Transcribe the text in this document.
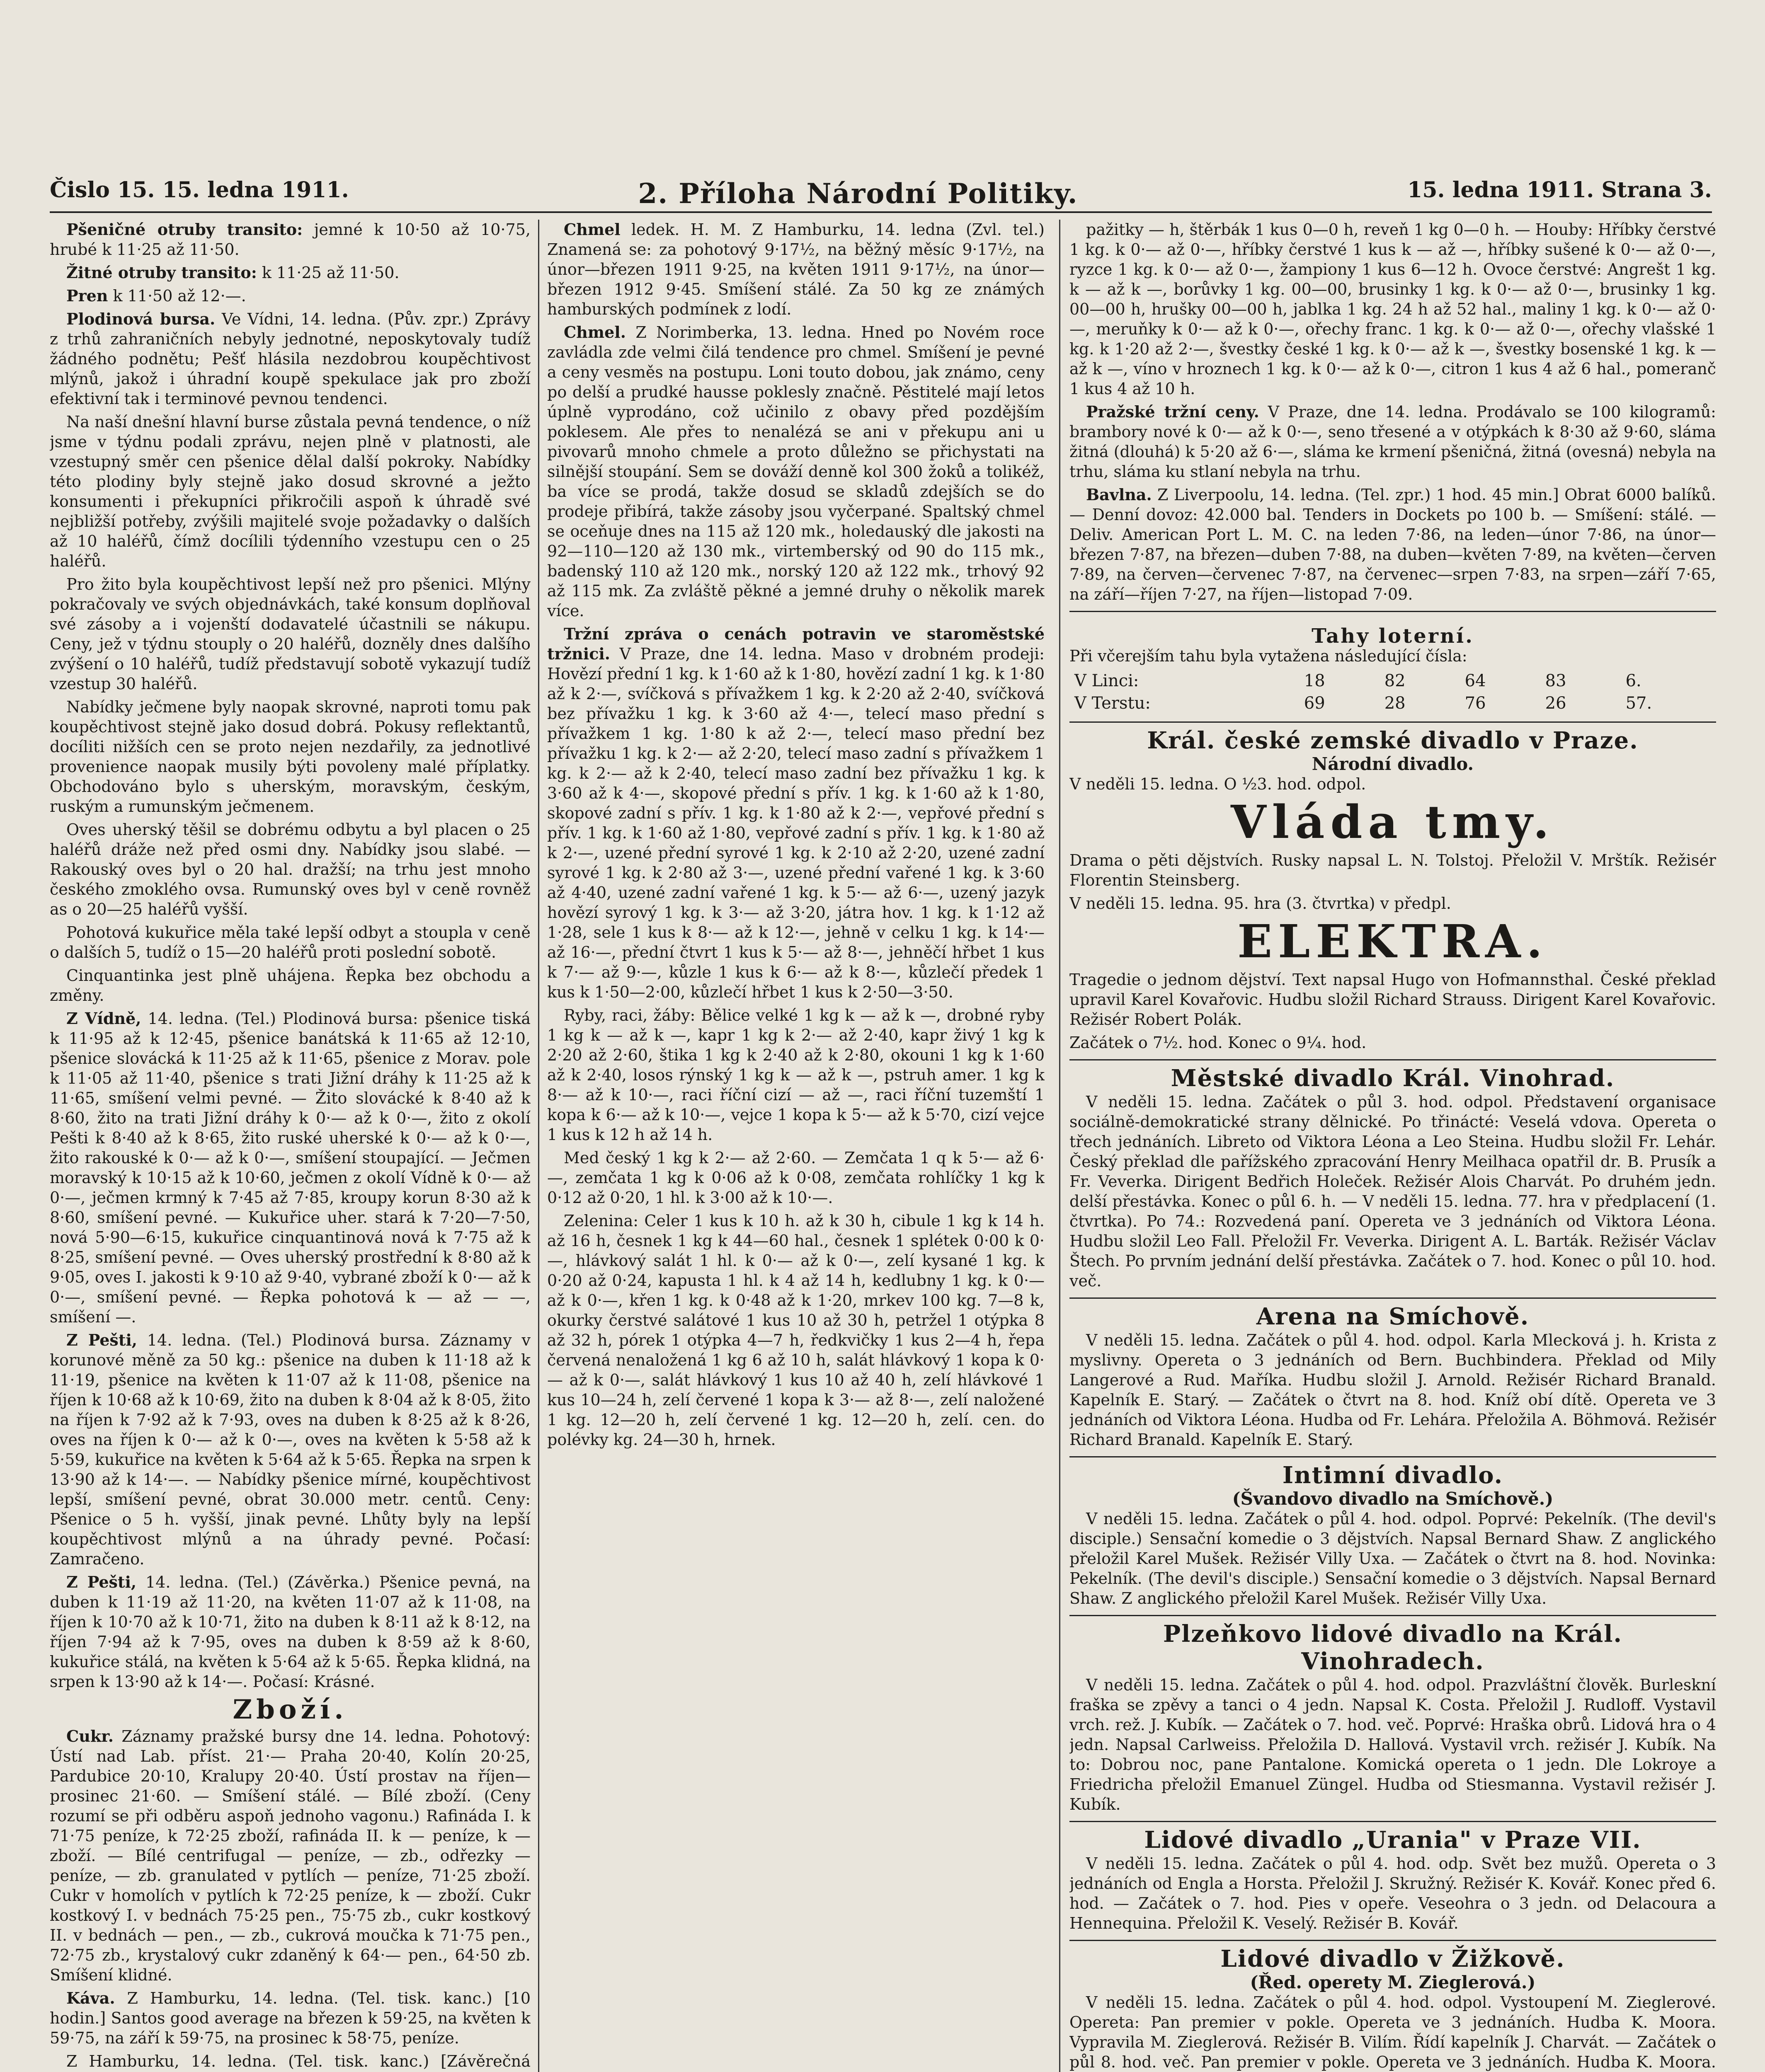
Čislo 15. 15. ledna 1911.	2. Příloha Národní Politiky.	15. ledna 1911. Strana 3.

Pšeničné otruby transito: jemné k 10·50 až 10·75, hrubé k 11·25 až 11·50.

Žitné otruby transito: k 11·25 až 11·50.

Pren k 11·50 až 12·—.

Plodinová bursa. Ve Vídni, 14. ledna. (Pův. zpr.) Zprávy z trhů zahraničních nebyly jednotné, neposkytovaly tudíž žádného podnětu; Pešť hlásila nezdobrou koupěchtivost mlýnů, jakož i úhradní koupě spekulace jak pro zboží efektivní tak i terminové pevnou tendenci.

Na naší dnešní hlavní burse zůstala pevná tendence, o níž jsme v týdnu podali zprávu, nejen plně v platnosti, ale vzestupný směr cen pšenice dělal další pokroky. Nabídky této plodiny byly stejně jako dosud skrovné a ježto konsumenti i překupníci přikročili aspoň k úhradě své nejbližší potřeby, zvýšili majitelé svoje požadavky o dalších až 10 haléřů, čímž docílili týdenního vzestupu cen o 25 haléřů.

Pro žito byla koupěchtivost lepší než pro pšenici. Mlýny pokračovaly ve svých objednávkách, také konsum doplňoval své zásoby a i vojenští dodavatelé účastnili se nákupu. Ceny, jež v týdnu stouply o 20 haléřů, dozněly dnes dalšího zvýšení o 10 haléřů, tudíž představují sobotě vykazují tudíž vzestup 30 haléřů.

Nabídky ječmene byly naopak skrovné, naproti tomu pak koupěchtivost stejně jako dosud dobrá. Pokusy reflektantů, docíliti nižších cen se proto nejen nezdařily, za jednotlivé provenience naopak musily býti povoleny malé příplatky. Obchodováno bylo s uherským, moravským, českým, ruským a rumunským ječmenem.

Oves uherský těšil se dobrému odbytu a byl placen o 25 haléřů dráže než před osmi dny. Nabídky jsou slabé. — Rakouský oves byl o 20 hal. dražší; na trhu jest mnoho českého zmoklého ovsa. Rumunský oves byl v ceně rovněž as o 20—25 haléřů vyšší.

Pohotová kukuřice měla také lepší odbyt a stoupla v ceně o dalších 5, tudíž o 15—20 haléřů proti poslední sobotě.

Cinquantinka jest plně uhájena. Řepka bez obchodu a změny.

Z Vídně, 14. ledna. (Tel.) Plodinová bursa: pšenice tiská k 11·95 až k 12·45, pšenice banátská k 11·65 až 12·10, pšenice slovácká k 11·25 až k 11·65, pšenice z Morav. pole k 11·05 až 11·40, pšenice s trati Jižní dráhy k 11·25 až k 11·65, smíšení velmi pevné. — Žito slovácké k 8·40 až k 8·60, žito na trati Jižní dráhy k 0·— až k 0·—, žito z okolí Pešti k 8·40 až k 8·65, žito ruské uherské k 0·— až k 0·—, žito rakouské k 0·— až k 0·—, smíšení stoupající. — Ječmen moravský k 10·15 až k 10·60, ječmen z okolí Vídně k 0·— až 0·—, ječmen krmný k 7·45 až 7·85, kroupy korun 8·30 až k 8·60, smíšení pevné. — Kukuřice uher. stará k 7·20—7·50, nová 5·90—6·15, kukuřice cinquantinová nová k 7·75 až k 8·25, smíšení pevné. — Oves uherský prostřední k 8·80 až k 9·05, oves I. jakosti k 9·10 až 9·40, vybrané zboží k 0·— až k 0·—, smíšení pevné. — Řepka pohotová k — až — —, smíšení —.

Z Pešti, 14. ledna. (Tel.) Plodinová bursa. Záznamy v korunové měně za 50 kg.: pšenice na duben k 11·18 až k 11·19, pšenice na květen k 11·07 až k 11·08, pšenice na říjen k 10·68 až k 10·69, žito na duben k 8·04 až k 8·05, žito na říjen k 7·92 až k 7·93, oves na duben k 8·25 až k 8·26, oves na říjen k 0·— až k 0·—, oves na květen k 5·58 až k 5·59, kukuřice na květen k 5·64 až k 5·65. Řepka na srpen k 13·90 až k 14·—. — Nabídky pšenice mírné, koupěchtivost lepší, smíšení pevné, obrat 30.000 metr. centů. Ceny: Pšenice o 5 h. vyšší, jinak pevné. Lhůty byly na lepší koupěchtivost mlýnů a na úhrady pevné. Počasí: Zamračeno.

Z Pešti, 14. ledna. (Tel.) (Závěrka.) Pšenice pevná, na duben k 11·19 až 11·20, na květen 11·07 až k 11·08, na říjen k 10·70 až k 10·71, žito na duben k 8·11 až k 8·12, na říjen 7·94 až k 7·95, oves na duben k 8·59 až k 8·60, kukuřice stálá, na květen k 5·64 až k 5·65. Řepka klidná, na srpen k 13·90 až k 14·—. Počasí: Krásné.

Zboží.

Cukr. Záznamy pražské bursy dne 14. ledna. Pohotový: Ústí nad Lab. příst. 21·— Praha 20·40, Kolín 20·25, Pardubice 20·10, Kralupy 20·40. Ústí prostav na říjen—prosinec 21·60. — Smíšení stálé. — Bílé zboží. (Ceny rozumí se při odběru aspoň jednoho vagonu.) Rafináda I. k 71·75 peníze, k 72·25 zboží, rafináda II. k — peníze, k — zboží. — Bílé centrifugal — peníze, — zb., odřezky — peníze, — zb. granulated v pytlích — peníze, 71·25 zboží. Cukr v homolích v pytlích k 72·25 peníze, k — zboží. Cukr kostkový I. v bednách 75·25 pen., 75·75 zb., cukr kostkový II. v bednách — pen., — zb., cukrová moučka k 71·75 pen., 72·75 zb., krystalový cukr zdaněný k 64·— pen., 64·50 zb. Smíšení klidné.

Káva. Z Hamburku, 14. ledna. (Tel. tisk. kanc.) [10 hodin.] Santos good average na březen k 59·25, na květen k 59·75, na září k 59·75, na prosinec k 58·75, peníze.

Z Hamburku, 14. ledna. (Tel. tisk. kanc.) [Závěrečná

Chmel ledek. H. M. Z Hamburku, 14. ledna (Zvl. tel.) Znamená se: za pohotový 9·17½, na běžný měsíc 9·17½, na únor—březen 1911 9·25, na květen 1911 9·17½, na únor—březen 1912 9·45. Smíšení stálé. Za 50 kg ze známých hamburských podmínek z lodí.

Chmel. Z Norimberka, 13. ledna. Hned po Novém roce zavládla zde velmi čilá tendence pro chmel. Smíšení je pevné a ceny vesměs na postupu. Loni touto dobou, jak známo, ceny po delší a prudké hausse poklesly značně. Pěstitelé mají letos úplně vyprodáno, což učinilo z obavy před pozdějším poklesem. Ale přes to nenalézá se ani v překupu ani u pivovarů mnoho chmele a proto důležno se přichystati na silnější stoupání. Sem se dováží denně kol 300 žoků a tolikéž, ba více se prodá, takže dosud se skladů zdejších se do prodeje přibírá, takže zásoby jsou vyčerpané. Spaltský chmel se oceňuje dnes na 115 až 120 mk., holedauský dle jakosti na 92—110—120 až 130 mk., virtemberský od 90 do 115 mk., badenský 110 až 120 mk., norský 120 až 122 mk., trhový 92 až 115 mk. Za zvláště pěkné a jemné druhy o několik marek více.

Tržní zpráva o cenách potravin ve staroměstské tržnici. V Praze, dne 14. ledna. Maso v drobném prodeji: Hovězí přední 1 kg. k 1·60 až k 1·80, hovězí zadní 1 kg. k 1·80 až k 2·—, svíčková s přívažkem 1 kg. k 2·20 až 2·40, svíčková bez přívažku 1 kg. k 3·60 až 4·—, telecí maso přední s přívažkem 1 kg. 1·80 k až 2·—, telecí maso přední bez přívažku 1 kg. k 2·— až 2·20, telecí maso zadní s přívažkem 1 kg. k 2·— až k 2·40, telecí maso zadní bez přívažku 1 kg. k 3·60 až k 4·—, skopové přední s přív. 1 kg. k 1·60 až k 1·80, skopové zadní s přív. 1 kg. k 1·80 až k 2·—, vepřové přední s přív. 1 kg. k 1·60 až 1·80, vepřové zadní s přív. 1 kg. k 1·80 až k 2·—, uzené přední syrové 1 kg. k 2·10 až 2·20, uzené zadní syrové 1 kg. k 2·80 až 3·—, uzené přední vařené 1 kg. k 3·60 až 4·40, uzené zadní vařené 1 kg. k 5·— až 6·—, uzený jazyk hovězí syrový 1 kg. k 3·— až 3·20, játra hov. 1 kg. k 1·12 až 1·28, sele 1 kus k 8·— až k 12·—, jehně v celku 1 kg. k 14·— až 16·—, přední čtvrt 1 kus k 5·— až 8·—, jehněčí hřbet 1 kus k 7·— až 9·—, kůzle 1 kus k 6·— až k 8·—, kůzlečí předek 1 kus k 1·50—2·00, kůzlečí hřbet 1 kus k 2·50—3·50.

Ryby, raci, žáby: Bělice velké 1 kg k — až k —, drobné ryby 1 kg k — až k —, kapr 1 kg k 2·— až 2·40, kapr živý 1 kg k 2·20 až 2·60, štika 1 kg k 2·40 až k 2·80, okouni 1 kg k 1·60 až k 2·40, losos rýnský 1 kg k — až k —, pstruh amer. 1 kg k 8·— až k 10·—, raci říční cizí — až —, raci říční tuzemští 1 kopa k 6·— až k 10·—, vejce 1 kopa k 5·— až k 5·70, cizí vejce 1 kus k 12 h až 14 h.

Med český 1 kg k 2·— až 2·60. — Zemčata 1 q k 5·— až 6·—, zemčata 1 kg k 0·06 až k 0·08, zemčata rohlíčky 1 kg k 0·12 až 0·20, 1 hl. k 3·00 až k 10·—.

Zelenina: Celer 1 kus k 10 h. až k 30 h, cibule 1 kg k 14 h. až 16 h, česnek 1 kg k 44—60 hal., česnek 1 splétek 0·00 k 0·—, hlávkový salát 1 hl. k 0·— až k 0·—, zelí kysané 1 kg. k 0·20 až 0·24, kapusta 1 hl. k 4 až 14 h, kedlubny 1 kg. k 0·— až k 0·—, křen 1 kg. k 0·48 až k 1·20, mrkev 100 kg. 7—8 k, okurky čerstvé salátové 1 kus 10 až 30 h, petržel 1 otýpka 8 až 32 h, pórek 1 otýpka 4—7 h, ředkvičky 1 kus 2—4 h, řepa červená nenaložená 1 kg 6 až 10 h, salát hlávkový 1 kopa k 0·— až k 0·—, salát hlávkový 1 kus 10 až 40 h, zelí hlávkové 1 kus 10—24 h, zelí červené 1 kopa k 3·— až 8·—, zelí naložené 1 kg. 12—20 h, zelí červené 1 kg. 12—20 h, zelí. cen. do polévky kg. 24—30 h, hrnek.

pažitky — h, štěrbák 1 kus 0—0 h, reveň 1 kg 0—0 h. — Houby: Hříbky čerstvé 1 kg. k 0·— až 0·—, hříbky čerstvé 1 kus k — až —, hříbky sušené k 0·— až 0·—, ryzce 1 kg. k 0·— až 0·—, žampiony 1 kus 6—12 h. Ovoce čerstvé: Angrešt 1 kg. k — až k —, borůvky 1 kg. 00—00, brusinky 1 kg. k 0·— až 0·—, brusinky 1 kg. 00—00 h, hrušky 00—00 h, jablka 1 kg. 24 h až 52 hal., maliny 1 kg. k 0·— až 0·—, meruňky k 0·— až k 0·—, ořechy franc. 1 kg. k 0·— až 0·—, ořechy vlašské 1 kg. k 1·20 až 2·—, švestky české 1 kg. k 0·— až k —, švestky bosenské 1 kg. k — až k —, víno v hroznech 1 kg. k 0·— až k 0·—, citron 1 kus 4 až 6 hal., pomeranč 1 kus 4 až 10 h.

Pražské tržní ceny. V Praze, dne 14. ledna. Prodávalo se 100 kilogramů: brambory nové k 0·— až k 0·—, seno třesené a v otýpkách k 8·30 až 9·60, sláma žitná (dlouhá) k 5·20 až 6·—, sláma ke krmení pšeničná, žitná (ovesná) nebyla na trhu, sláma ku stlaní nebyla na trhu.

Bavlna. Z Liverpoolu, 14. ledna. (Tel. zpr.) 1 hod. 45 min.] Obrat 6000 balíků. — Denní dovoz: 42.000 bal. Tenders in Dockets po 100 b. — Smíšení: stálé. — Deliv. American Port L. M. C. na leden 7·86, na leden—únor 7·86, na únor—březen 7·87, na březen—duben 7·88, na duben—květen 7·89, na květen—červen 7·89, na červen—červenec 7·87, na červenec—srpen 7·83, na srpen—září 7·65, na září—říjen 7·27, na říjen—listopad 7·09.

Tahy loterní.

Při včerejším tahu byla vytažena následující čísla:

V Linci:	18	82	64	83	6.
V Terstu:	69	28	76	26	57.
Král. české zemské divadlo v Praze.
Národní divadlo.

V neděli 15. ledna. O ½3. hod. odpol.

Vláda tmy.

Drama o pěti dějstvích. Rusky napsal L. N. Tolstoj. Přeložil V. Mrštík. Režisér Florentin Steinsberg.

V neděli 15. ledna. 95. hra (3. čtvrtka) v předpl.

ELEKTRA.

Tragedie o jednom dějství. Text napsal Hugo von Hofmannsthal. České překlad upravil Karel Kovařovic. Hudbu složil Richard Strauss. Dirigent Karel Kovařovic. Režisér Robert Polák.

Začátek o 7½. hod. Konec o 9¼. hod.

Městské divadlo Král. Vinohrad.

V neděli 15. ledna. Začátek o půl 3. hod. odpol. Představení organisace sociálně-demokratické strany dělnické. Po třinácté: Veselá vdova. Opereta o třech jednáních. Libreto od Viktora Léona a Leo Steina. Hudbu složil Fr. Lehár. Český překlad dle pařížského zpracování Henry Meilhaca opatřil dr. B. Prusík a Fr. Veverka. Dirigent Bedřich Holeček. Režisér Alois Charvát. Po druhém jedn. delší přestávka. Konec o půl 6. h. — V neděli 15. ledna. 77. hra v předplacení (1. čtvrtka). Po 74.: Rozvedená paní. Opereta ve 3 jednáních od Viktora Léona. Hudbu složil Leo Fall. Přeložil Fr. Veverka. Dirigent A. L. Barták. Režisér Václav Štech. Po prvním jednání delší přestávka. Začátek o 7. hod. Konec o půl 10. hod. več.

Arena na Smíchově.

V neděli 15. ledna. Začátek o půl 4. hod. odpol. Karla Mlecková j. h. Krista z myslivny. Opereta o 3 jednáních od Bern. Buchbindera. Překlad od Mily Langerové a Rud. Maříka. Hudbu složil J. Arnold. Režisér Richard Branald. Kapelník E. Starý. — Začátek o čtvrt na 8. hod. Kníž obí dítě. Opereta ve 3 jednáních od Viktora Léona. Hudba od Fr. Lehára. Přeložila A. Böhmová. Režisér Richard Branald. Kapelník E. Starý.

Intimní divadlo.
(Švandovo divadlo na Smíchově.)

V neděli 15. ledna. Začátek o půl 4. hod. odpol. Poprvé: Pekelník. (The devil's disciple.) Sensační komedie o 3 dějstvích. Napsal Bernard Shaw. Z anglického přeložil Karel Mušek. Režisér Villy Uxa. — Začátek o čtvrt na 8. hod. Novinka: Pekelník. (The devil's disciple.) Sensační komedie o 3 dějstvích. Napsal Bernard Shaw. Z anglického přeložil Karel Mušek. Režisér Villy Uxa.

Plzeňkovo lidové divadlo na Král. Vinohradech.

V neděli 15. ledna. Začátek o půl 4. hod. odpol. Prazvláštní člověk. Burleskní fraška se zpěvy a tanci o 4 jedn. Napsal K. Costa. Přeložil J. Rudloff. Vystavil vrch. rež. J. Kubík. — Začátek o 7. hod. več. Poprvé: Hraška obrů. Lidová hra o 4 jedn. Napsal Carlweiss. Přeložila D. Hallová. Vystavil vrch. režisér J. Kubík. Na to: Dobrou noc, pane Pantalone. Komická opereta o 1 jedn. Dle Lokroye a Friedricha přeložil Emanuel Züngel. Hudba od Stiesmanna. Vystavil režisér J. Kubík.

Lidové divadlo „Urania" v Praze VII.

V neděli 15. ledna. Začátek o půl 4. hod. odp. Svět bez mužů. Opereta o 3 jednáních od Engla a Horsta. Přeložil J. Skružný. Režisér K. Kovář. Konec před 6. hod. — Začátek o 7. hod. Pies v opeře. Veseohra o 3 jedn. od Delacoura a Hennequina. Přeložil K. Veselý. Režisér B. Kovář.

Lidové divadlo v Žižkově.
(Řed. operety M. Zieglerová.)

V neděli 15. ledna. Začátek o půl 4. hod. odpol. Vystoupení M. Zieglerové. Opereta: Pan premier v pokle. Opereta ve 3 jednáních. Hudba K. Moora. Vypravila M. Zieglerová. Režisér B. Vilím. Řídí kapelník J. Charvát. — Začátek o půl 8. hod. več. Pan premier v pokle. Opereta ve 3 jednáních. Hudba K. Moora.
